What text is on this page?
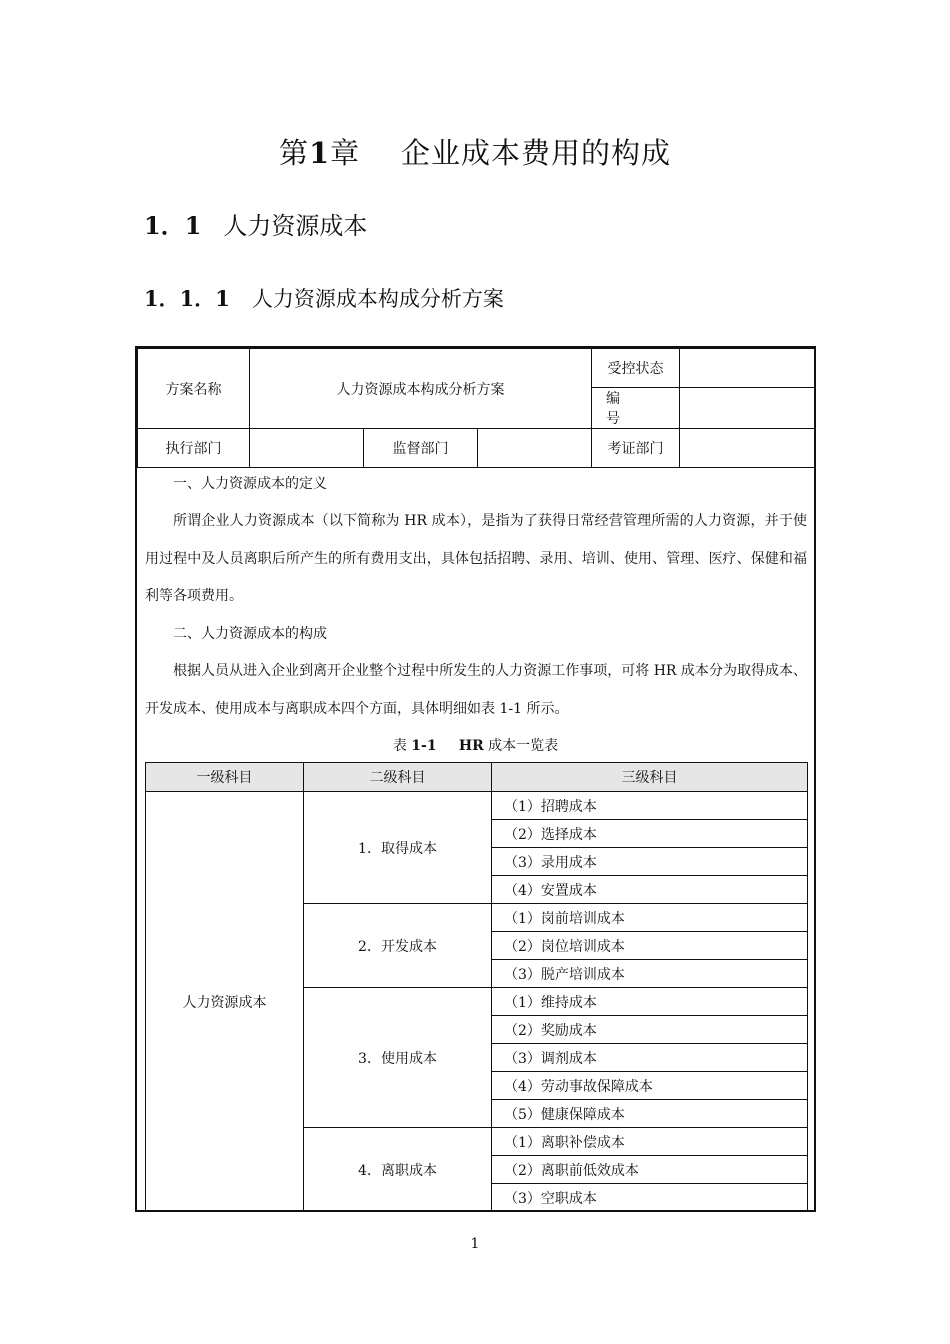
第1章 企业成本费用的构成
1．1 人力资源成本
1．1．1 人力资源成本构成分析方案
方案名称	人力资源成本构成分析方案			受控状态	
				编号	
执行部门		监督部门		考证部门	
一、人力资源成本的定义
所谓企业人力资源成本（以下简称为 HR 成本），是指为了获得日常经营管理所需的人力资源，并于使用过程中及人员离职后所产生的所有费用支出，具体包括招聘、录用、培训、使用、管理、医疗、保健和福利等各项费用。
二、人力资源成本的构成
根据人员从进入企业到离开企业整个过程中所发生的人力资源工作事项，可将 HR 成本分为取得成本、开发成本、使用成本与离职成本四个方面，具体明细如表 1-1 所示。
表 1-1 HR 成本一览表
一级科目	二级科目	三级科目
人力资源成本	1．取得成本	（1）招聘成本
		（2）选择成本
		（3）录用成本
		（4）安置成本
	2．开发成本	（1）岗前培训成本
		（2）岗位培训成本
		（3）脱产培训成本
	3．使用成本	（1）维持成本
		（2）奖励成本
		（3）调剂成本
		（4）劳动事故保障成本
		（5）健康保障成本
	4．离职成本	（1）离职补偿成本
		（2）离职前低效成本
		（3）空职成本
1
